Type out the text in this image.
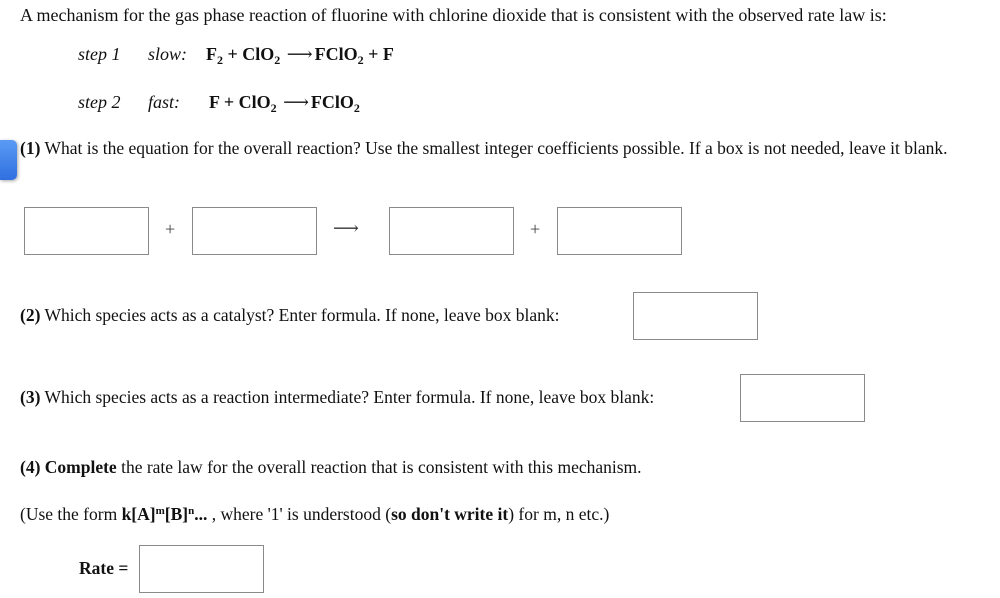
A mechanism for the gas phase reaction of fluorine with chlorine dioxide that is consistent with the observed rate law is:
step 1 slow: $F_2 + ClO_2$ ⟶ FClO$_2$ + F
step 2 fast: F + ClO$_2$ ⟶ FClO$_2$
(1) What is the equation for the overall reaction? Use the smallest integer coefficients possible. If a box is not needed, leave it blank.
+	⟶	+
(2) Which species acts as a catalyst? Enter formula. If none, leave box blank:
(3) Which species acts as a reaction intermediate? Enter formula. If none, leave box blank:
(4) Complete the rate law for the overall reaction that is consistent with this mechanism.
(Use the form $k[A]^m[B]^n$... , where '1' is understood (so don't write it) for m, n etc.)
Rate =
